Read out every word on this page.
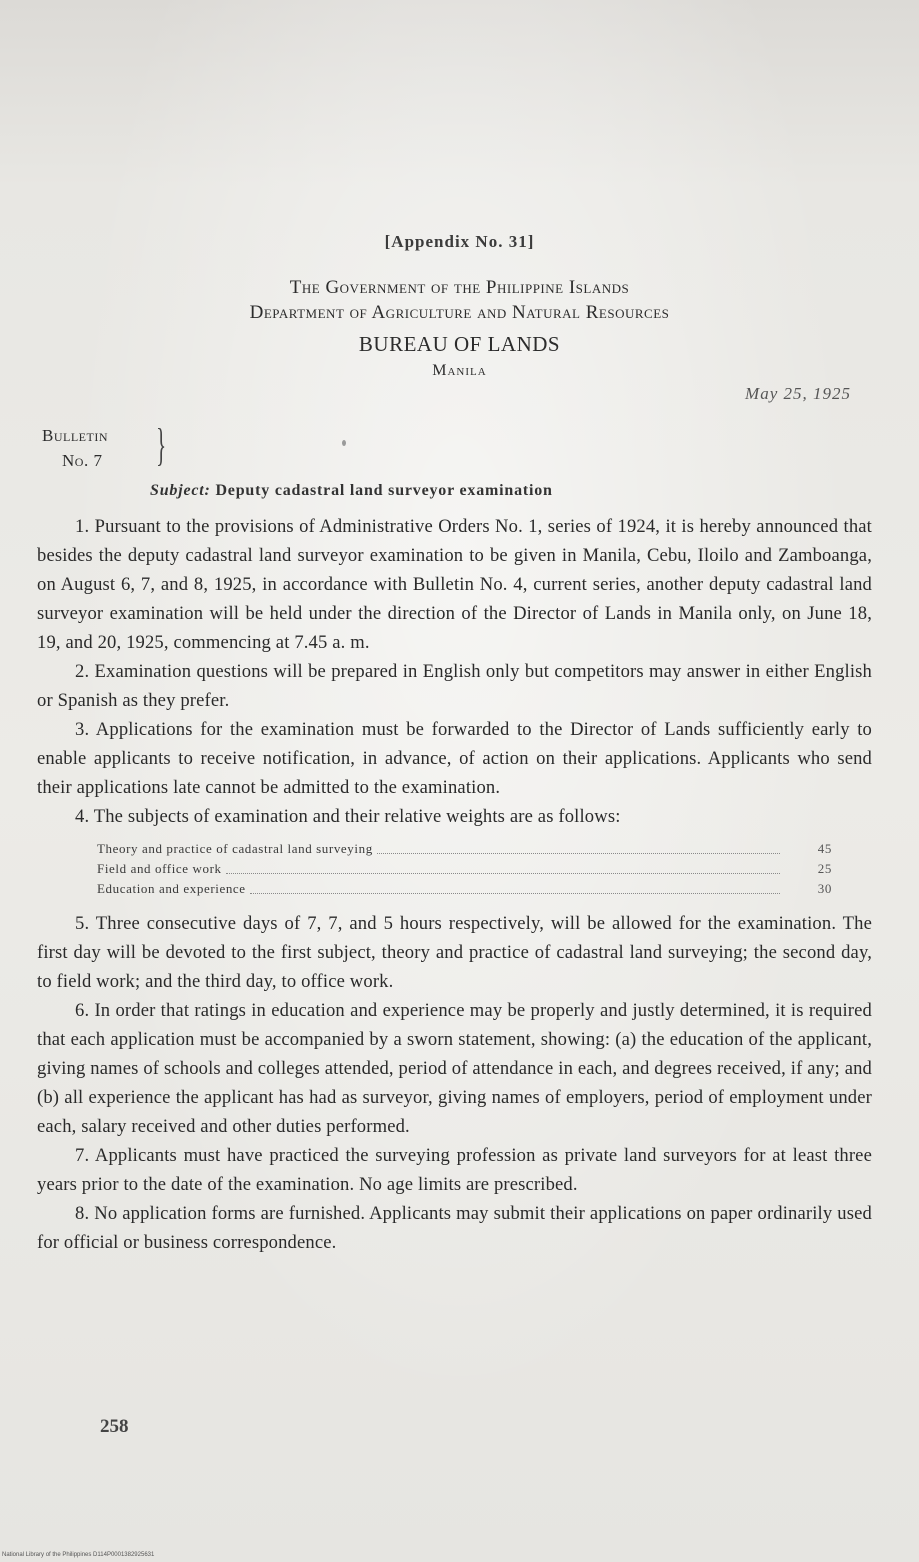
[Appendix No. 31]
The Government of the Philippine Islands
Department of Agriculture and Natural Resources
BUREAU OF LANDS
Manila
May 25, 1925
Bulletin
No. 7 }
Subject: Deputy cadastral land surveyor examination

1. Pursuant to the provisions of Administrative Orders No. 1, series of 1924, it is hereby announced that besides the deputy cadastral land surveyor examination to be given in Manila, Cebu, Iloilo and Zamboanga, on August 6, 7, and 8, 1925, in accordance with Bulletin No. 4, current series, another deputy cadastral land surveyor examination will be held under the direction of the Director of Lands in Manila only, on June 18, 19, and 20, 1925, commencing at 7.45 a. m.

2. Examination questions will be prepared in English only but competitors may answer in either English or Spanish as they prefer.

3. Applications for the examination must be forwarded to the Director of Lands sufficiently early to enable applicants to receive notification, in advance, of action on their applications. Applicants who send their applications late cannot be admitted to the examination.

4. The subjects of examination and their relative weights are as follows:

Theory and practice of cadastral land surveying	45
Field and office work	25
Education and experience	30

5. Three consecutive days of 7, 7, and 5 hours respectively, will be allowed for the examination. The first day will be devoted to the first subject, theory and practice of cadastral land surveying; the second day, to field work; and the third day, to office work.

6. In order that ratings in education and experience may be properly and justly determined, it is required that each application must be accompanied by a sworn statement, showing: (a) the education of the applicant, giving names of schools and colleges attended, period of attendance in each, and degrees received, if any; and (b) all experience the applicant has had as surveyor, giving names of employers, period of employment under each, salary received and other duties performed.

7. Applicants must have practiced the surveying profession as private land surveyors for at least three years prior to the date of the examination. No age limits are prescribed.

8. No application forms are furnished. Applicants may submit their applications on paper ordinarily used for official or business correspondence.

258
National Library of the Philippines D114P0001382925631
